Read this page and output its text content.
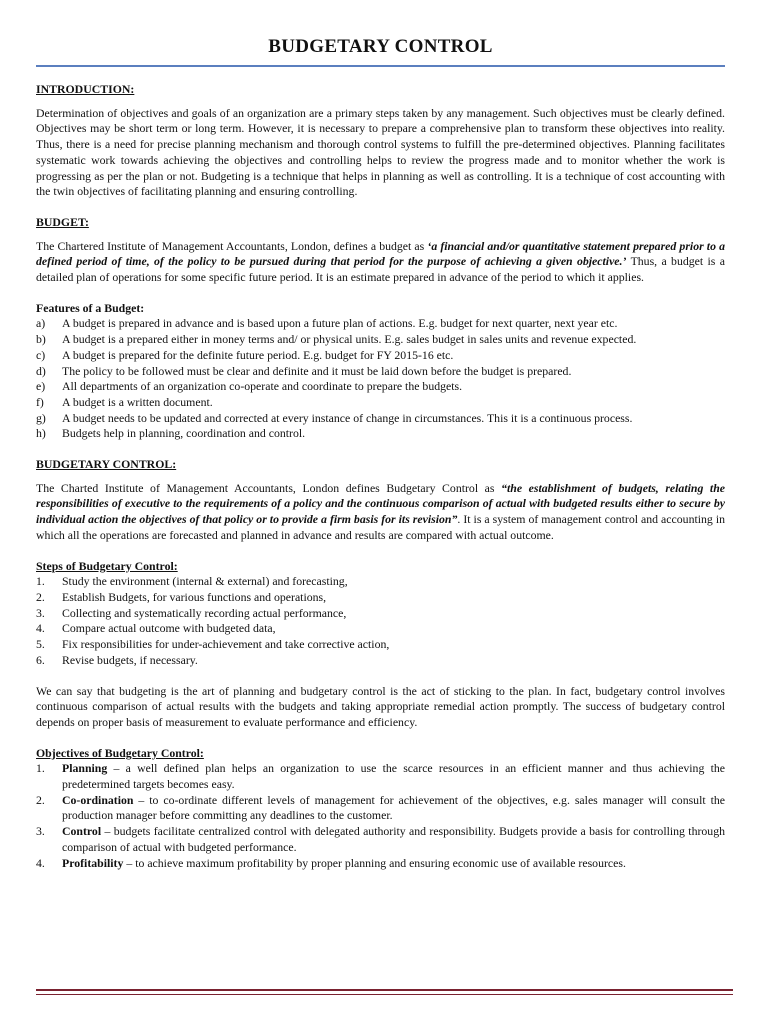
BUDGETARY CONTROL
INTRODUCTION:

Determination of objectives and goals of an organization are a primary steps taken by any management. Such objectives must be clearly defined. Objectives may be short term or long term. However, it is necessary to prepare a comprehensive plan to transform these objectives into reality. Thus, there is a need for precise planning mechanism and thorough control systems to fulfill the pre-determined objectives. Planning facilitates systematic work towards achieving the objectives and controlling helps to review the progress made and to monitor whether the work is progressing as per the plan or not. Budgeting is a technique that helps in planning as well as controlling. It is a technique of cost accounting with the twin objectives of facilitating planning and ensuring controlling.

BUDGET:

The Chartered Institute of Management Accountants, London, defines a budget as ‘a financial and/or quantitative statement prepared prior to a defined period of time, of the policy to be pursued during that period for the purpose of achieving a given objective.’ Thus, a budget is a detailed plan of operations for some specific future period. It is an estimate prepared in advance of the period to which it applies.

Features of a Budget:
a)	A budget is prepared in advance and is based upon a future plan of actions. E.g. budget for next quarter, next year etc.
b)	A budget is a prepared either in money terms and/ or physical units. E.g. sales budget in sales units and revenue expected.
c)	A budget is prepared for the definite future period. E.g. budget for FY 2015-16 etc.
d)	The policy to be followed must be clear and definite and it must be laid down before the budget is prepared.
e)	All departments of an organization co-operate and coordinate to prepare the budgets.
f)	A budget is a written document.
g)	A budget needs to be updated and corrected at every instance of change in circumstances. This it is a continuous process.
h)	Budgets help in planning, coordination and control.
BUDGETARY CONTROL:

The Charted Institute of Management Accountants, London defines Budgetary Control as “the establishment of budgets, relating the responsibilities of executive to the requirements of a policy and the continuous comparison of actual with budgeted results either to secure by individual action the objectives of that policy or to provide a firm basis for its revision”. It is a system of management control and accounting in which all the operations are forecasted and planned in advance and results are compared with actual outcome.

Steps of Budgetary Control:
1.	Study the environment (internal & external) and forecasting,
2.	Establish Budgets, for various functions and operations,
3.	Collecting and systematically recording actual performance,
4.	Compare actual outcome with budgeted data,
5.	Fix responsibilities for under-achievement and take corrective action,
6.	Revise budgets, if necessary.

We can say that budgeting is the art of planning and budgetary control is the act of sticking to the plan. In fact, budgetary control involves continuous comparison of actual results with the budgets and taking appropriate remedial action promptly. The success of budgetary control depends on proper basis of measurement to evaluate performance and efficiency.

Objectives of Budgetary Control:
1.	Planning – a well defined plan helps an organization to use the scarce resources in an efficient manner and thus achieving the predetermined targets becomes easy.
2.	Co-ordination – to co-ordinate different levels of management for achievement of the objectives, e.g. sales manager will consult the production manager before committing any deadlines to the customer.
3.	Control – budgets facilitate centralized control with delegated authority and responsibility. Budgets provide a basis for controlling through comparison of actual with budgeted performance.
4.	Profitability – to achieve maximum profitability by proper planning and ensuring economic use of available resources.
